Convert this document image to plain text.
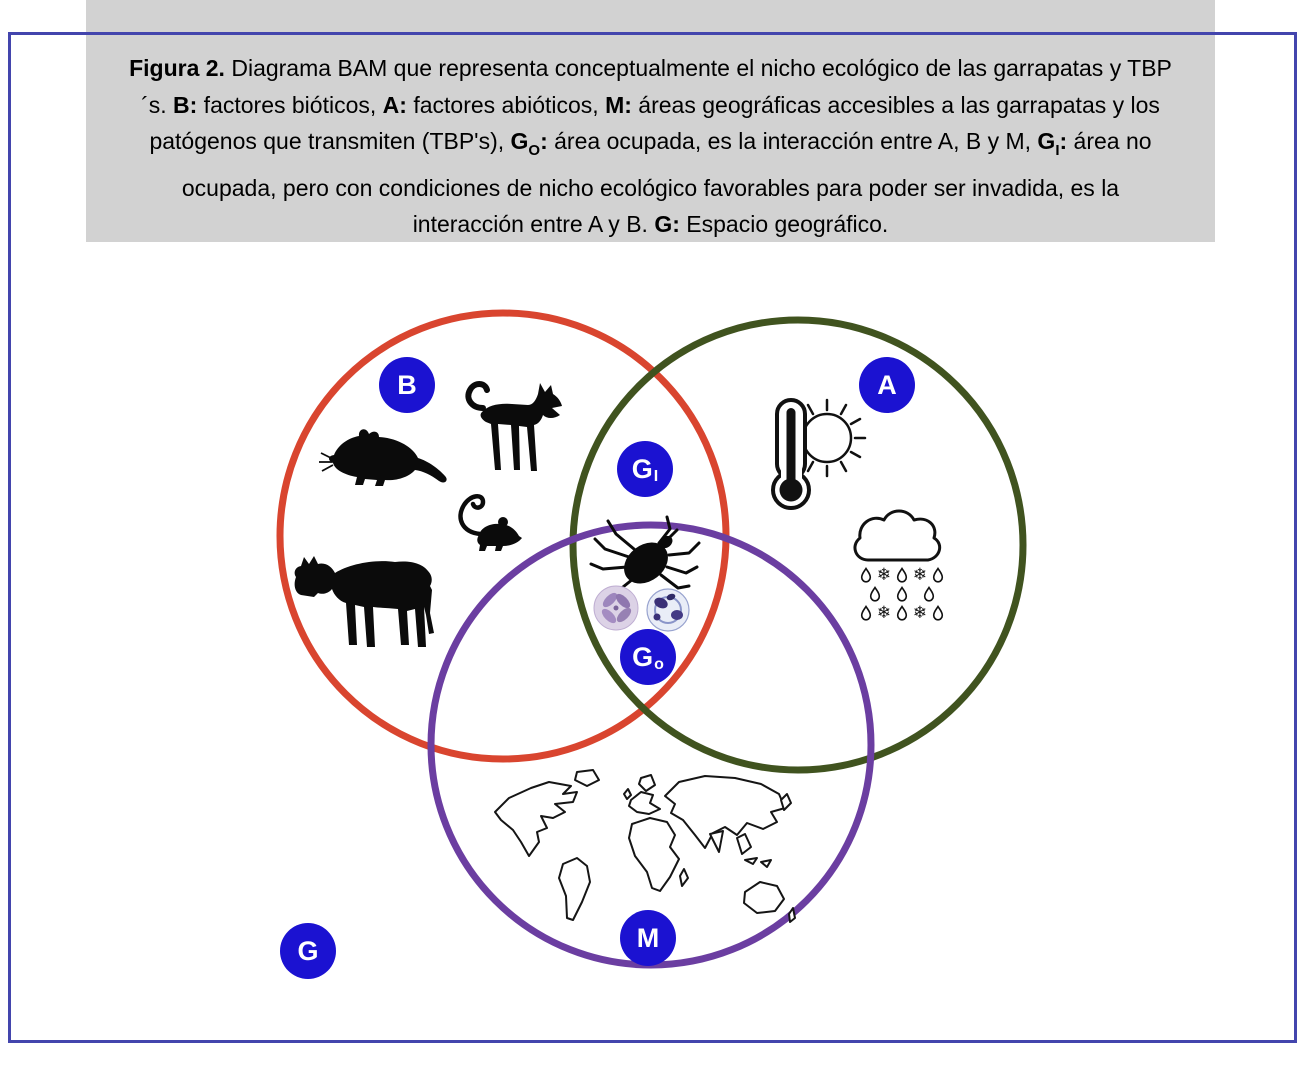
Figura 2. Diagrama BAM que representa conceptualmente el nicho ecológico de las garrapatas y TBP´s. B: factores bióticos, A: factores abióticos, M: áreas geográficas accesibles a las garrapatas y los patógenos que transmiten (TBP's), $G_O$: área ocupada, es la interacción entre A, B y M, $G_I$: área no ocupada, pero con condiciones de nicho ecológico favorables para poder ser invadida, es la interacción entre A y B. G: Espacio geográfico.

❄ ❄
❄ ❄
B	A
G I
G o
M
G
